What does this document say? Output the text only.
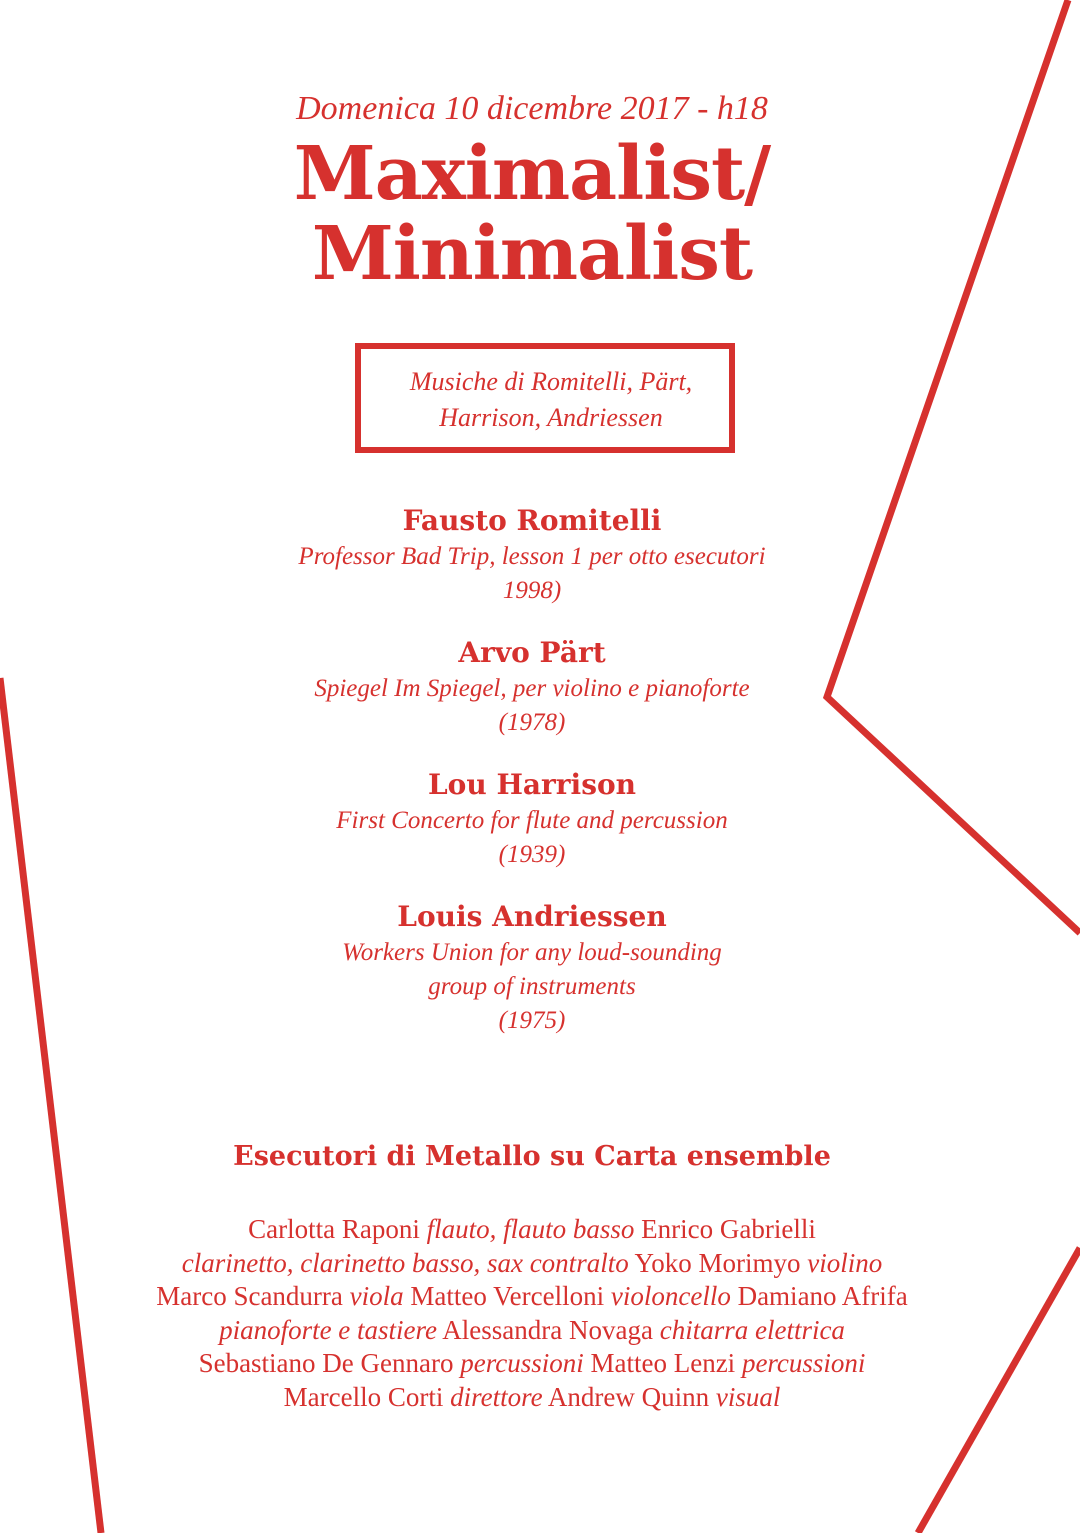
Domenica 10 dicembre 2017 - h18
Maximalist/
Minimalist
Musiche di Romitelli, Pärt,
Harrison, Andriessen
Fausto Romitelli
Professor Bad Trip, lesson 1 per otto esecutori
1998)
Arvo Pärt
Spiegel Im Spiegel, per violino e pianoforte
(1978)
Lou Harrison
First Concerto for flute and percussion
(1939)
Louis Andriessen
Workers Union for any loud-sounding
group of instruments
(1975)
Esecutori di Metallo su Carta ensemble
Carlotta Raponi flauto, flauto basso Enrico Gabrielli
clarinetto, clarinetto basso, sax contralto Yoko Morimyo violino
Marco Scandurra viola Matteo Vercelloni violoncello Damiano Afrifa
pianoforte e tastiere Alessandra Novaga chitarra elettrica
Sebastiano De Gennaro percussioni Matteo Lenzi percussioni
Marcello Corti direttore Andrew Quinn visual
